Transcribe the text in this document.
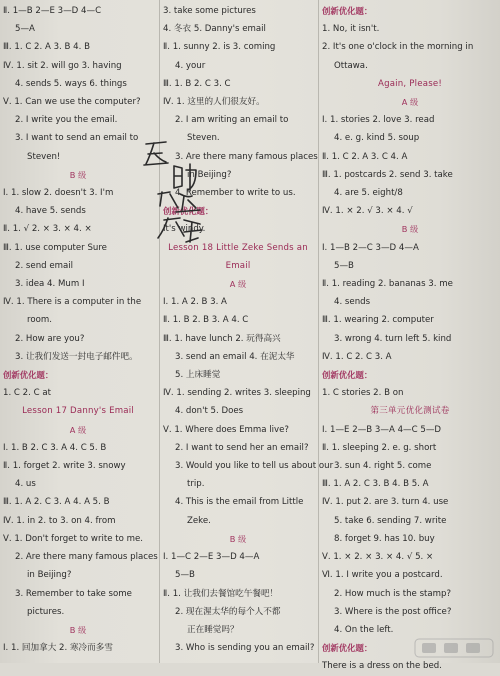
Ⅱ. 1—B 2—E 3—D 4—C
5—A
Ⅲ. 1. C 2. A 3. B 4. B
Ⅳ. 1. sit 2. will go 3. having
4. sends 5. ways 6. things
Ⅴ. 1. Can we use the computer?
2. I write you the email.
3. I want to send an email to
Steven!
B 级
Ⅰ. 1. slow 2. doesn't 3. I'm
4. have 5. sends
Ⅱ. 1. √ 2. × 3. × 4. ×
Ⅲ. 1. use computer Sure
2. send email
3. idea 4. Mum I
Ⅳ. 1. There is a computer in the
room.
2. How are you?
3. 让我们发送一封电子邮件吧。
创新优化题：
1. C 2. C at
Lesson 17 Danny's Email
A 级
Ⅰ. 1. B 2. C 3. A 4. C 5. B
Ⅱ. 1. forget 2. write 3. snowy
4. us
Ⅲ. 1. A 2. C 3. A 4. A 5. B
Ⅳ. 1. in 2. to 3. on 4. from
Ⅴ. 1. Don't forget to write to me.
2. Are there many famous places
in Beijing?
3. Remember to take some
pictures.
B 级
Ⅰ. 1. 回加拿大 2. 寒冷而多雪
3. take some pictures
4. 冬衣 5. Danny's email
Ⅱ. 1. sunny 2. is 3. coming
4. your
Ⅲ. 1. B 2. C 3. C
Ⅳ. 1. 这里的人们很友好。
2. I am writing an email to
Steven.
3. Are there many famous places
in Beijing?
4. Remember to write to us.
创新优化题：
It's windy.
Lesson 18 Little Zeke Sends an
Email
A 级
Ⅰ. 1. A 2. B 3. A
Ⅱ. 1. B 2. B 3. A 4. C
Ⅲ. 1. have lunch 2. 玩得高兴
3. send an email 4. 在泥太华
5. 上床睡觉
Ⅳ. 1. sending 2. writes 3. sleeping
4. don't 5. Does
Ⅴ. 1. Where does Emma live?
2. I want to send her an email?
3. Would you like to tell us about our
trip.
4. This is the email from Little
Zeke.
B 级
Ⅰ. 1—C 2—E 3—D 4—A
5—B
Ⅱ. 1. 让我们去餐馆吃午餐吧！
2. 现在渥太华的每个人不都
正在睡觉吗？
3. Who is sending you an email?
创新优化题：
1. No, it isn't.
2. It's one o'clock in the morning in
Ottawa.
Again, Please!
A 级
Ⅰ. 1. stories 2. love 3. read
4. e. g. kind 5. soup
Ⅱ. 1. C 2. A 3. C 4. A
Ⅲ. 1. postcards 2. send 3. take
4. are 5. eight/8
Ⅳ. 1. × 2. √ 3. × 4. √
B 级
Ⅰ. 1—B 2—C 3—D 4—A
5—B
Ⅱ. 1. reading 2. bananas 3. me
4. sends
Ⅲ. 1. wearing 2. computer
3. wrong 4. turn left 5. kind
Ⅳ. 1. C 2. C 3. A
创新优化题：
1. C stories 2. B on
第三单元优化测试卷
Ⅰ. 1—E 2—B 3—A 4—C 5—D
Ⅱ. 1. sleeping 2. e. g. short
3. sun 4. right 5. come
Ⅲ. 1. A 2. C 3. B 4. B 5. A
Ⅳ. 1. put 2. are 3. turn 4. use
5. take 6. sending 7. write
8. forget 9. has 10. buy
Ⅴ. 1. × 2. × 3. × 4. √ 5. ×
Ⅵ. 1. I write you a postcard.
2. How much is the stamp?
3. Where is the post office?
4. On the left.
创新优化题：
There is a dress on the bed.
